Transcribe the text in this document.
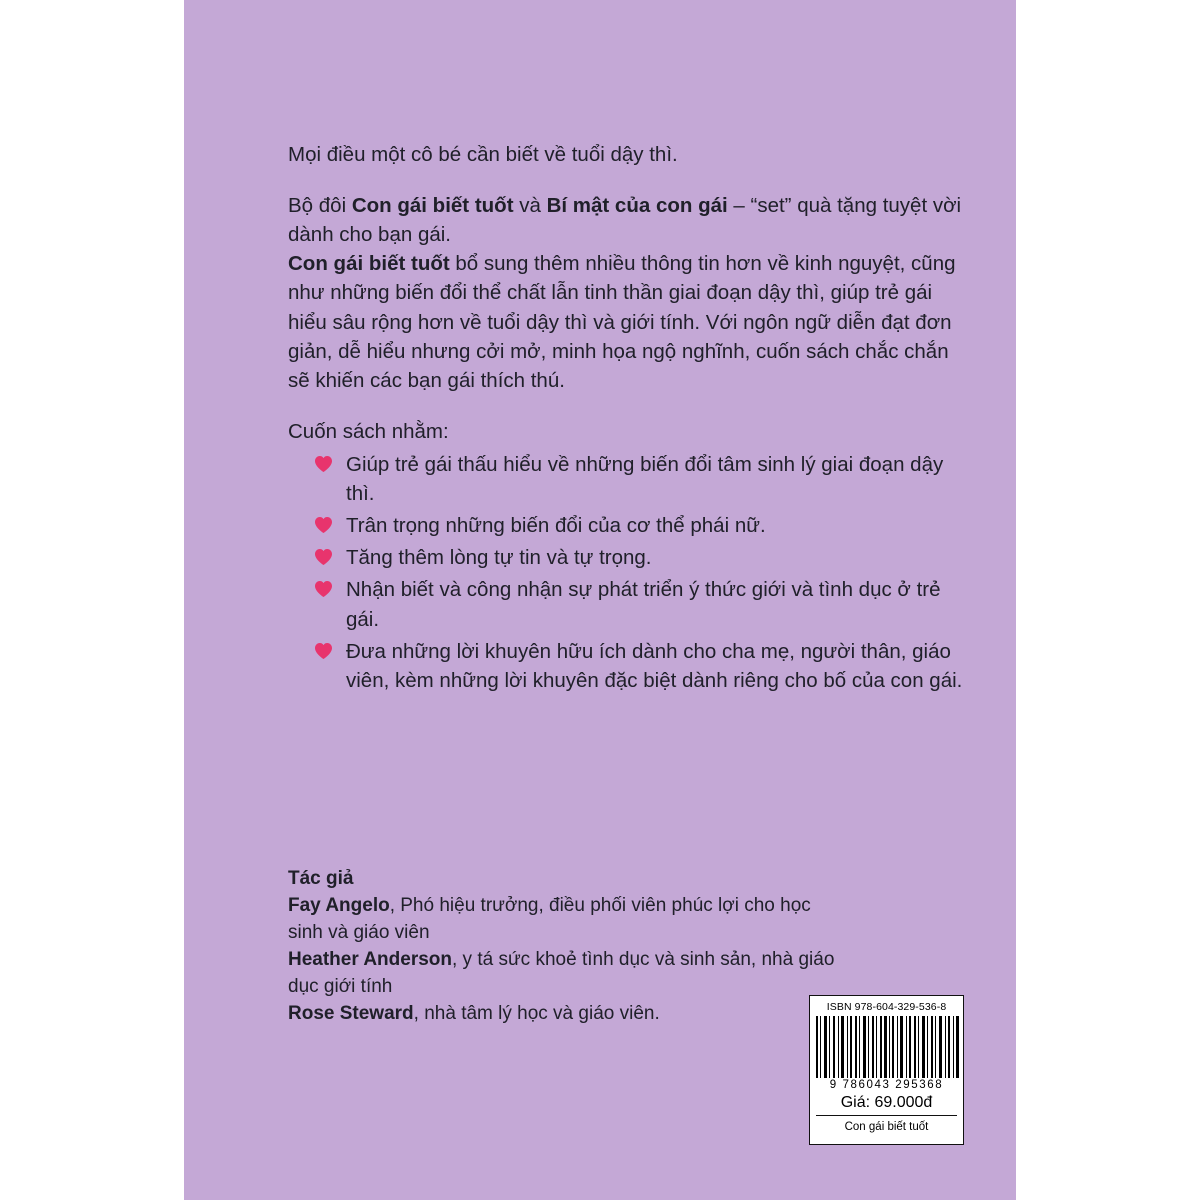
Mọi điều một cô bé cần biết về tuổi dậy thì.

Bộ đôi Con gái biết tuốt và Bí mật của con gái – “set” quà tặng tuyệt vời dành cho bạn gái.

Con gái biết tuốt bổ sung thêm nhiều thông tin hơn về kinh nguyệt, cũng như những biến đổi thể chất lẫn tinh thần giai đoạn dậy thì, giúp trẻ gái hiểu sâu rộng hơn về tuổi dậy thì và giới tính. Với ngôn ngữ diễn đạt đơn giản, dễ hiểu nhưng cởi mở, minh họa ngộ nghĩnh, cuốn sách chắc chắn sẽ khiến các bạn gái thích thú.

Cuốn sách nhằm:

Giúp trẻ gái thấu hiểu về những biến đổi tâm sinh lý giai đoạn dậy thì.
Trân trọng những biến đổi của cơ thể phái nữ.
Tăng thêm lòng tự tin và tự trọng.
Nhận biết và công nhận sự phát triển ý thức giới và tình dục ở trẻ gái.
Đưa những lời khuyên hữu ích dành cho cha mẹ, người thân, giáo viên, kèm những lời khuyên đặc biệt dành riêng cho bố của con gái.
Tác giả
Fay Angelo, Phó hiệu trưởng, điều phối viên phúc lợi cho học sinh và giáo viên
Heather Anderson, y tá sức khoẻ tình dục và sinh sản, nhà giáo dục giới tính
Rose Steward, nhà tâm lý học và giáo viên.	ISBN 978-604-329-536-8
9 786043 295368
Giá: 69.000đ
Con gái biết tuốt
